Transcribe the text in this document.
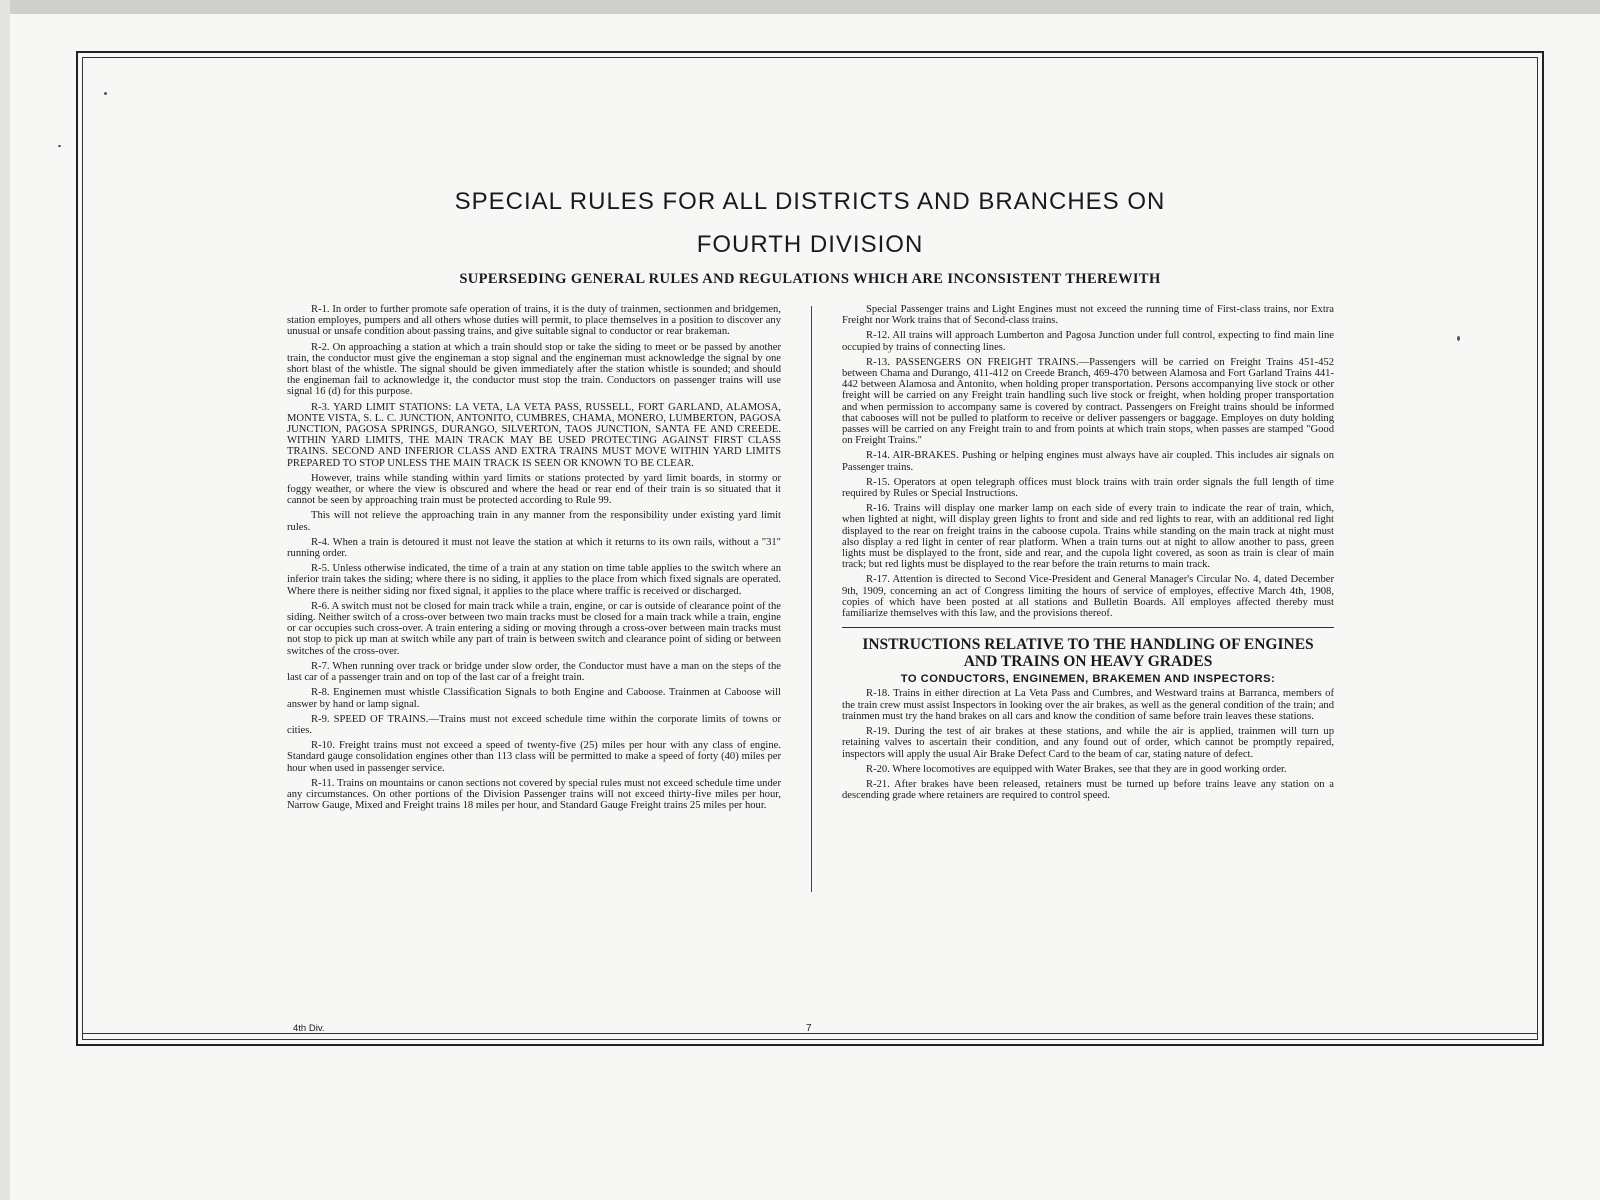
SPECIAL RULES FOR ALL DISTRICTS AND BRANCHES ON
FOURTH DIVISION
SUPERSEDING GENERAL RULES AND REGULATIONS WHICH ARE INCONSISTENT THEREWITH

R-1. In order to further promote safe operation of trains, it is the duty of trainmen, sectionmen and bridgemen, station employes, pumpers and all others whose duties will permit, to place themselves in a position to discover any unusual or unsafe condition about passing trains, and give suitable signal to conductor or rear brakeman.

R-2. On approaching a station at which a train should stop or take the siding to meet or be passed by another train, the conductor must give the engineman a stop signal and the engineman must acknowledge the signal by one short blast of the whistle. The signal should be given immediately after the station whistle is sounded; and should the engineman fail to acknowledge it, the conductor must stop the train. Conductors on passenger trains will use signal 16 (d) for this purpose.

R-3. YARD LIMIT STATIONS: LA VETA, LA VETA PASS, RUSSELL, FORT GARLAND, ALAMOSA, MONTE VISTA, S. L. C. JUNCTION, ANTONITO, CUMBRES, CHAMA, MONERO, LUMBERTON, PAGOSA JUNCTION, PAGOSA SPRINGS, DURANGO, SILVERTON, TAOS JUNCTION, SANTA FE AND CREEDE. WITHIN YARD LIMITS, THE MAIN TRACK MAY BE USED PROTECTING AGAINST FIRST CLASS TRAINS. SECOND AND INFERIOR CLASS AND EXTRA TRAINS MUST MOVE WITHIN YARD LIMITS PREPARED TO STOP UNLESS THE MAIN TRACK IS SEEN OR KNOWN TO BE CLEAR.

However, trains while standing within yard limits or stations protected by yard limit boards, in stormy or foggy weather, or where the view is obscured and where the head or rear end of their train is so situated that it cannot be seen by approaching train must be protected according to Rule 99.

This will not relieve the approaching train in any manner from the responsibility under existing yard limit rules.

R-4. When a train is detoured it must not leave the station at which it returns to its own rails, without a "31" running order.

R-5. Unless otherwise indicated, the time of a train at any station on time table applies to the switch where an inferior train takes the siding; where there is no siding, it applies to the place from which fixed signals are operated. Where there is neither siding nor fixed signal, it applies to the place where traffic is received or discharged.

R-6. A switch must not be closed for main track while a train, engine, or car is outside of clearance point of the siding. Neither switch of a cross-over between two main tracks must be closed for a main track while a train, engine or car occupies such cross-over. A train entering a siding or moving through a cross-over between main tracks must not stop to pick up man at switch while any part of train is between switch and clearance point of siding or between switches of the cross-over.

R-7. When running over track or bridge under slow order, the Conductor must have a man on the steps of the last car of a passenger train and on top of the last car of a freight train.

R-8. Enginemen must whistle Classification Signals to both Engine and Caboose. Trainmen at Caboose will answer by hand or lamp signal.

R-9. SPEED OF TRAINS.—Trains must not exceed schedule time within the corporate limits of towns or cities.

R-10. Freight trains must not exceed a speed of twenty-five (25) miles per hour with any class of engine. Standard gauge consolidation engines other than 113 class will be permitted to make a speed of forty (40) miles per hour when used in passenger service.

R-11. Trains on mountains or canon sections not covered by special rules must not exceed schedule time under any circumstances. On other portions of the Division Passenger trains will not exceed thirty-five miles per hour, Narrow Gauge, Mixed and Freight trains 18 miles per hour, and Standard Gauge Freight trains 25 miles per hour.

Special Passenger trains and Light Engines must not exceed the running time of First-class trains, nor Extra Freight nor Work trains that of Second-class trains.

R-12. All trains will approach Lumberton and Pagosa Junction under full control, expecting to find main line occupied by trains of connecting lines.

R-13. PASSENGERS ON FREIGHT TRAINS.—Passengers will be carried on Freight Trains 451-452 between Chama and Durango, 411-412 on Creede Branch, 469-470 between Alamosa and Fort Garland Trains 441-442 between Alamosa and Antonito, when holding proper transportation. Persons accompanying live stock or other freight will be carried on any Freight train handling such live stock or freight, when holding proper transportation and when permission to accompany same is covered by contract. Passengers on Freight trains should be informed that cabooses will not be pulled to platform to receive or deliver passengers or baggage. Employes on duty holding passes will be carried on any Freight train to and from points at which train stops, when passes are stamped "Good on Freight Trains."

R-14. AIR-BRAKES. Pushing or helping engines must always have air coupled. This includes air signals on Passenger trains.

R-15. Operators at open telegraph offices must block trains with train order signals the full length of time required by Rules or Special Instructions.

R-16. Trains will display one marker lamp on each side of every train to indicate the rear of train, which, when lighted at night, will display green lights to front and side and red lights to rear, with an additional red light displayed to the rear on freight trains in the caboose cupola. Trains while standing on the main track at night must also display a red light in center of rear platform. When a train turns out at night to allow another to pass, green lights must be displayed to the front, side and rear, and the cupola light covered, as soon as train is clear of main track; but red lights must be displayed to the rear before the train returns to main track.

R-17. Attention is directed to Second Vice-President and General Manager's Circular No. 4, dated December 9th, 1909, concerning an act of Congress limiting the hours of service of employes, effective March 4th, 1908, copies of which have been posted at all stations and Bulletin Boards. All employes affected thereby must familiarize themselves with this law, and the provisions thereof.

INSTRUCTIONS RELATIVE TO THE HANDLING OF ENGINES
AND TRAINS ON HEAVY GRADES
TO CONDUCTORS, ENGINEMEN, BRAKEMEN AND INSPECTORS:

R-18. Trains in either direction at La Veta Pass and Cumbres, and Westward trains at Barranca, members of the train crew must assist Inspectors in looking over the air brakes, as well as the general condition of the train; and trainmen must try the hand brakes on all cars and know the condition of same before train leaves these stations.

R-19. During the test of air brakes at these stations, and while the air is applied, trainmen will turn up retaining valves to ascertain their condition, and any found out of order, which cannot be promptly repaired, inspectors will apply the usual Air Brake Defect Card to the beam of car, stating nature of defect.

R-20. Where locomotives are equipped with Water Brakes, see that they are in good working order.

R-21. After brakes have been released, retainers must be turned up before trains leave any station on a descending grade where retainers are required to control speed.

4th Div.	7
